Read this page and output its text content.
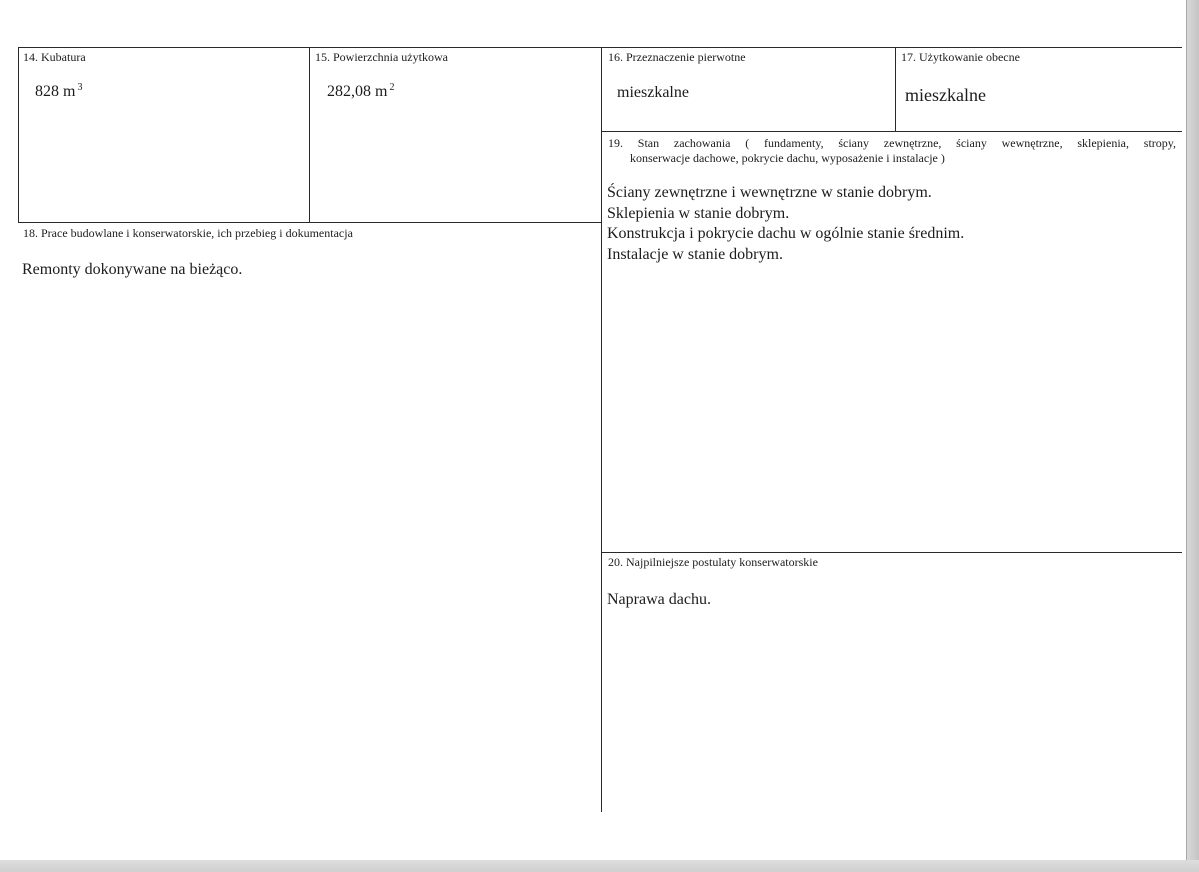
14. Kubatura
828 m $^3$
15. Powierzchnia użytkowa
282,08 m $^2$
16. Przeznaczenie pierwotne
mieszkalne
17. Użytkowanie obecne
mieszkalne
19. Stan zachowania ( fundamenty, ściany zewnętrzne, ściany wewnętrzne, sklepienia, stropy,
konserwacje dachowe, pokrycie dachu, wyposażenie i instalacje )
Ściany zewnętrzne i wewnętrzne w stanie dobrym.
Sklepienia w stanie dobrym.
Konstrukcja i pokrycie dachu w ogólnie stanie średnim.
Instalacje w stanie dobrym.
18. Prace budowlane i konserwatorskie, ich przebieg i dokumentacja
Remonty dokonywane na bieżąco.
20. Najpilniejsze postulaty konserwatorskie
Naprawa dachu.
